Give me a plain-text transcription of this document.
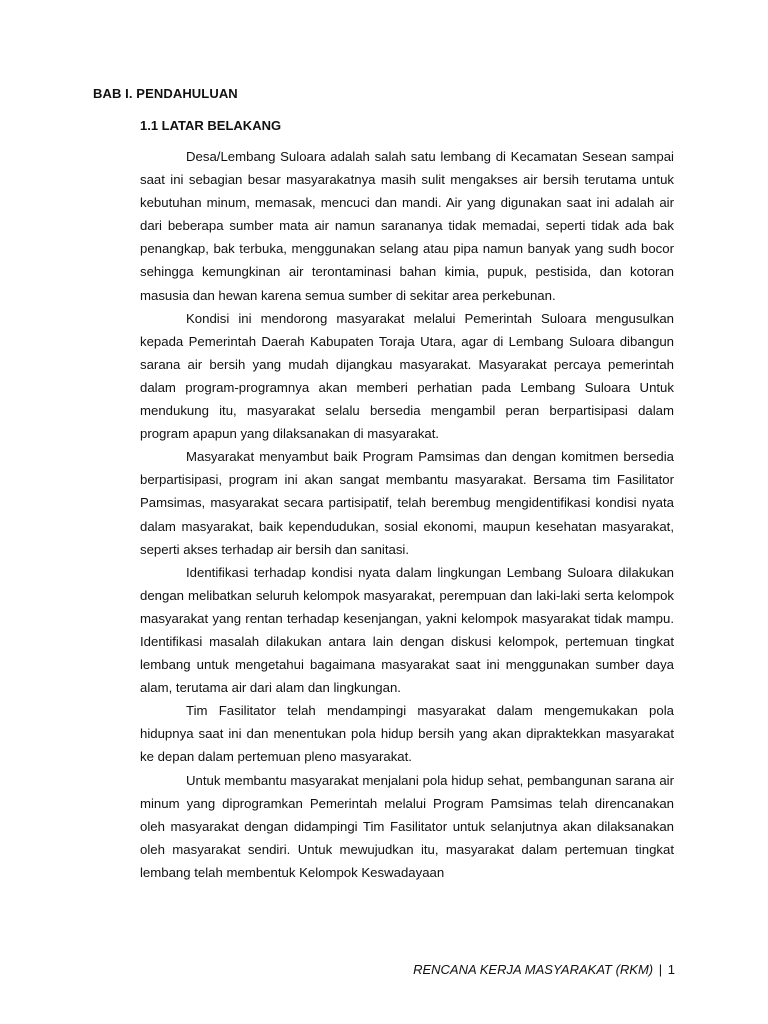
BAB I. PENDAHULUAN
1.1 LATAR BELAKANG

Desa/Lembang Suloara adalah salah satu lembang di Kecamatan Sesean sampai saat ini sebagian besar masyarakatnya masih sulit mengakses air bersih terutama untuk kebutuhan minum, memasak, mencuci dan mandi. Air yang digunakan saat ini adalah air dari beberapa sumber mata air namun sarananya tidak memadai, seperti tidak ada bak penangkap, bak terbuka, menggunakan selang atau pipa namun banyak yang sudh bocor sehingga kemungkinan air terontaminasi bahan kimia, pupuk, pestisida, dan kotoran masusia dan hewan karena semua sumber di sekitar area perkebunan.

Kondisi ini mendorong masyarakat melalui Pemerintah Suloara mengusulkan kepada Pemerintah Daerah Kabupaten Toraja Utara, agar di Lembang Suloara dibangun sarana air bersih yang mudah dijangkau masyarakat. Masyarakat percaya pemerintah dalam program-programnya akan memberi perhatian pada Lembang Suloara Untuk mendukung itu, masyarakat selalu bersedia mengambil peran berpartisipasi dalam program apapun yang dilaksanakan di masyarakat.

Masyarakat menyambut baik Program Pamsimas dan dengan komitmen bersedia berpartisipasi, program ini akan sangat membantu masyarakat. Bersama tim Fasilitator Pamsimas, masyarakat secara partisipatif, telah berembug mengidentifikasi kondisi nyata dalam masyarakat, baik kependudukan, sosial ekonomi, maupun kesehatan masyarakat, seperti akses terhadap air bersih dan sanitasi.

Identifikasi terhadap kondisi nyata dalam lingkungan Lembang Suloara dilakukan dengan melibatkan seluruh kelompok masyarakat, perempuan dan laki-laki serta kelompok masyarakat yang rentan terhadap kesenjangan, yakni kelompok masyarakat tidak mampu. Identifikasi masalah dilakukan antara lain dengan diskusi kelompok, pertemuan tingkat lembang untuk mengetahui bagaimana masyarakat saat ini menggunakan sumber daya alam, terutama air dari alam dan lingkungan.

Tim Fasilitator telah mendampingi masyarakat dalam mengemukakan pola hidupnya saat ini dan menentukan pola hidup bersih yang akan dipraktekkan masyarakat ke depan dalam pertemuan pleno masyarakat.

Untuk membantu masyarakat menjalani pola hidup sehat, pembangunan sarana air minum yang diprogramkan Pemerintah melalui Program Pamsimas telah direncanakan oleh masyarakat dengan didampingi Tim Fasilitator untuk selanjutnya akan dilaksanakan oleh masyarakat sendiri. Untuk mewujudkan itu, masyarakat dalam pertemuan tingkat lembang telah membentuk Kelompok Keswadayaan

RENCANA KERJA MASYARAKAT (RKM) | 1
